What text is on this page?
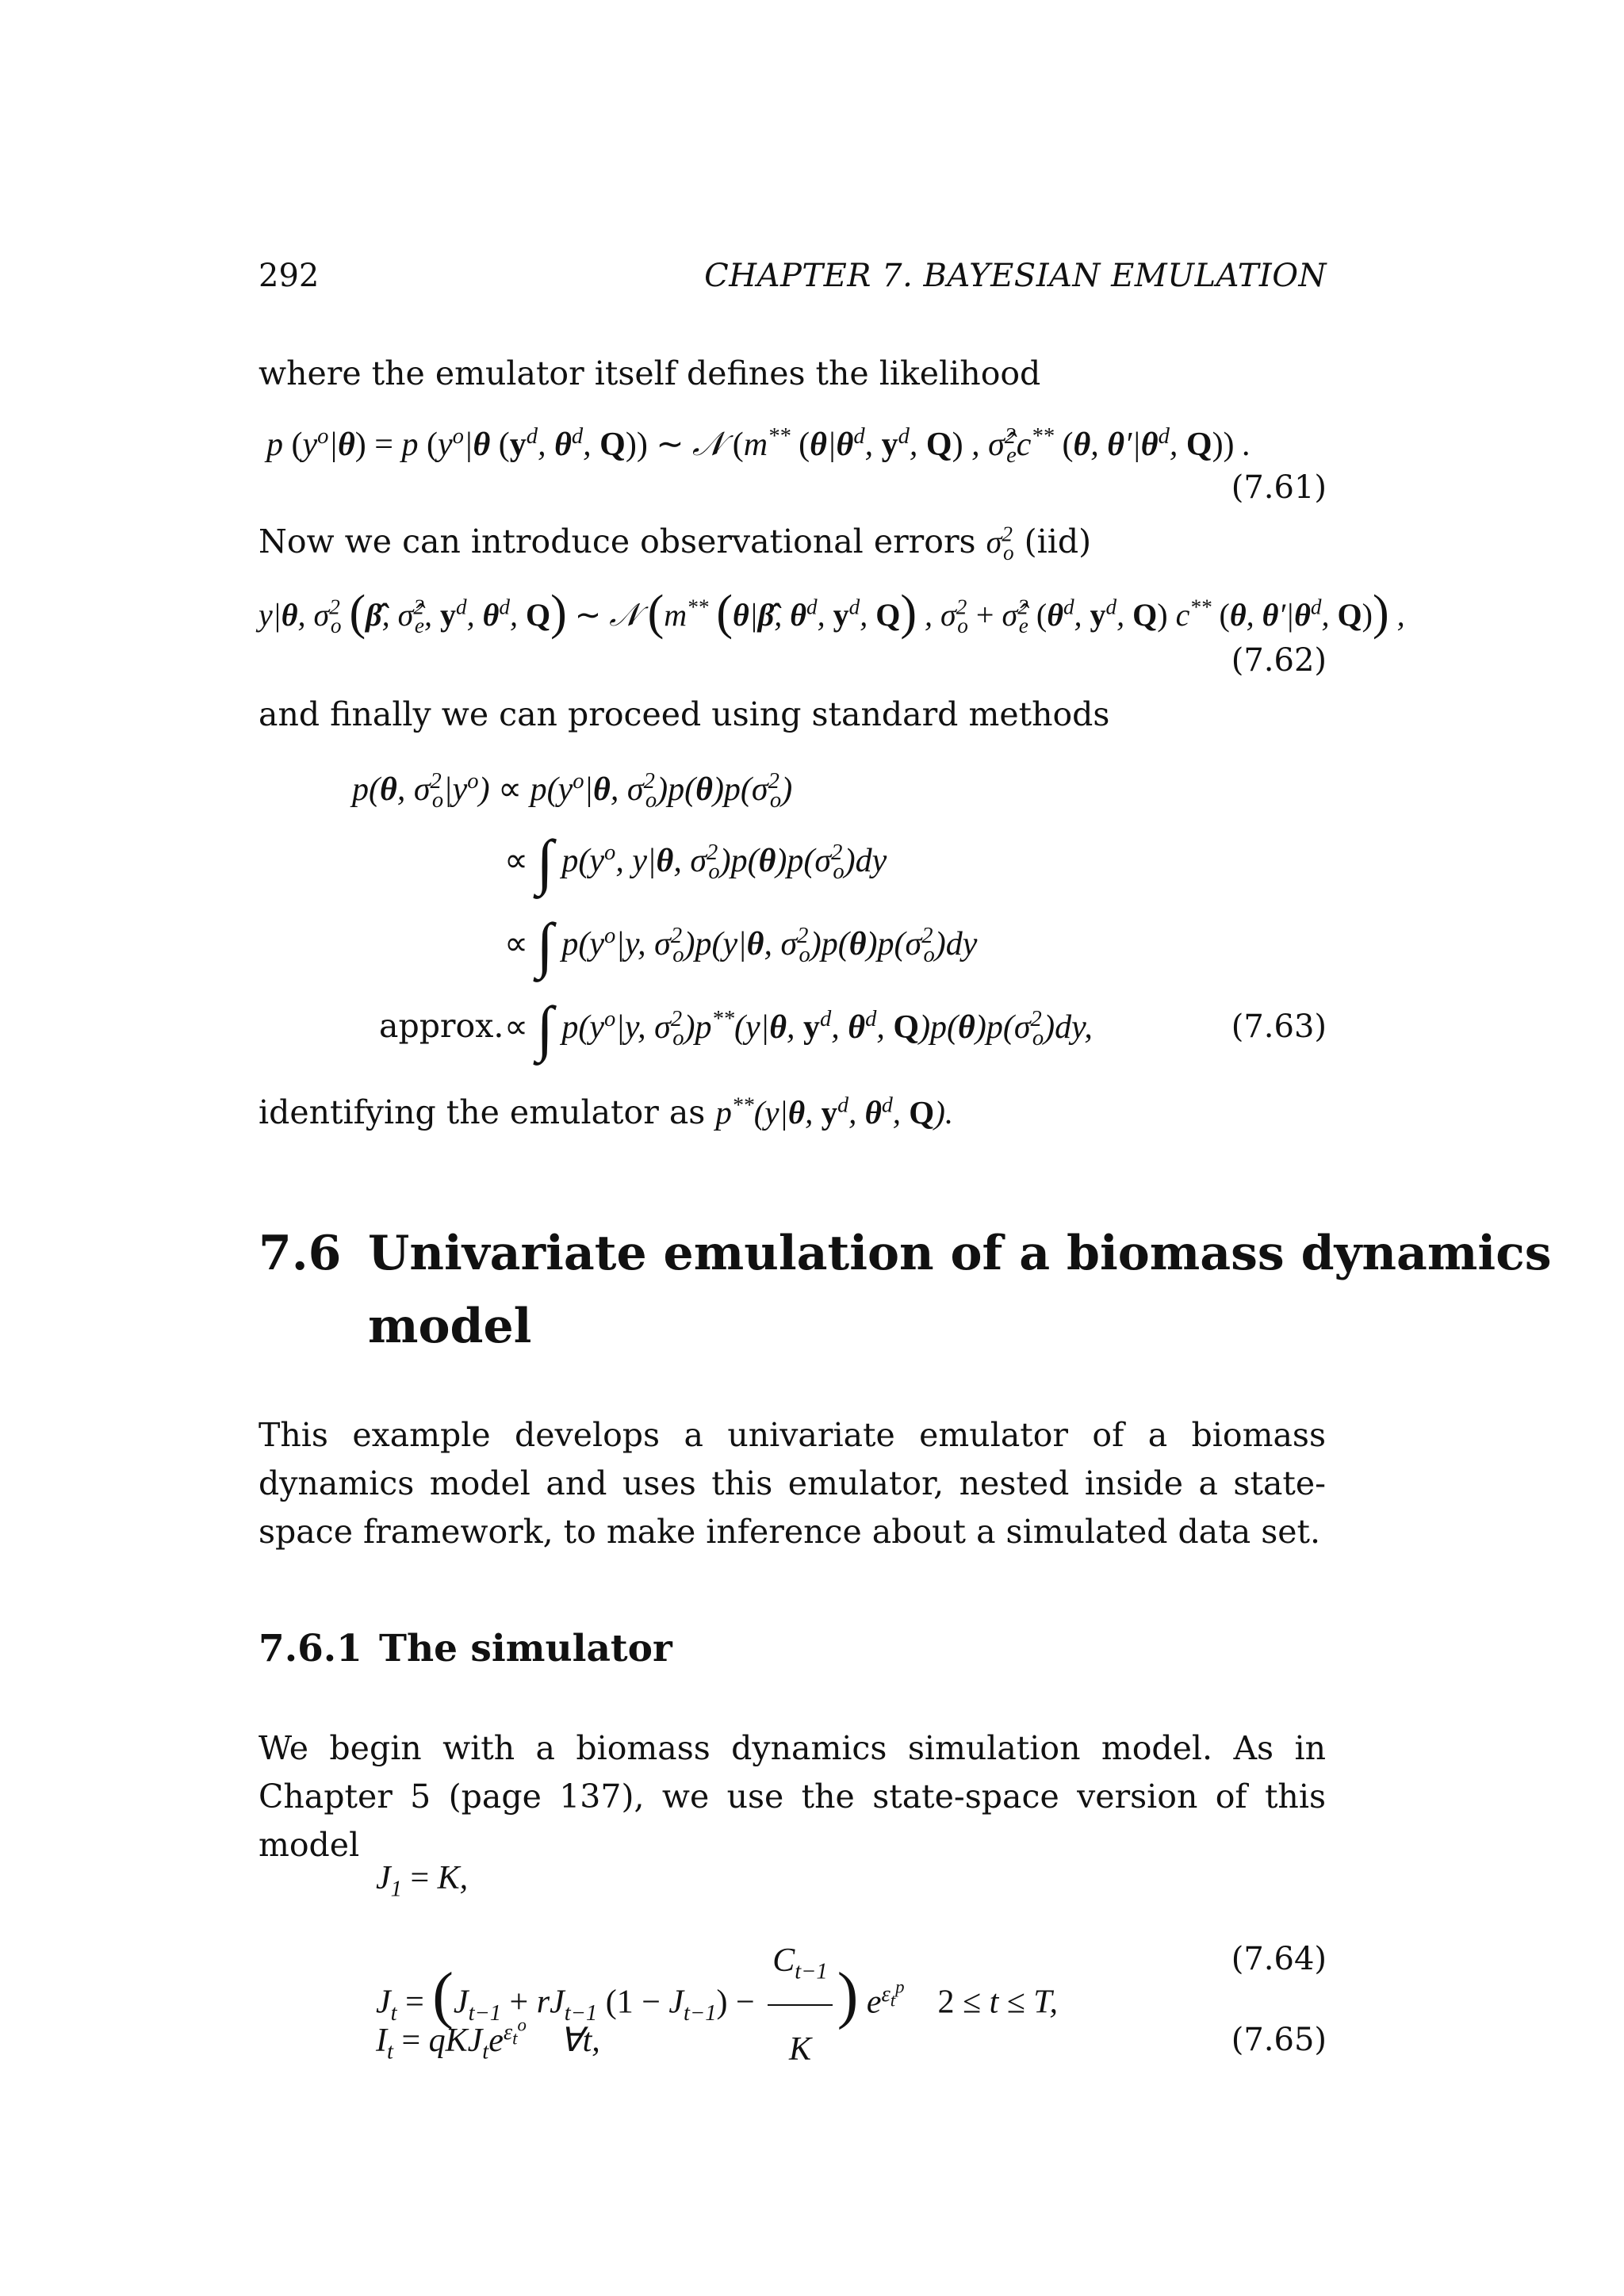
292	CHAPTER 7. BAYESIAN EMULATION
where the emulator itself defines the likelihood
p $(y^o|\theta) = p$ ($y^o|\theta$ ($y^d$, $\theta^d$, Q)) ∼ 𝒩 (m** ($\theta|\theta^d$, $y^d$, Q) , σ̂$^2_e$c** (θ, $\theta'|\theta^d$, Q)) .
(7.61)
Now we can introduce observational errors $\sigma^2_o$ (iid)
y|θ, $\sigma^2_o$ (β̂, σ̂$^2_e$, $y^d$, $\theta^d$, Q) ∼ 𝒩 (m** (θ|β̂, $\theta^d$, $y^d$, Q) , $\sigma^2_o$ + σ̂$^2_e$ ($\theta^d$, $y^d$, Q) c** (θ, $\theta'|\theta^d$, Q)) ,
(7.62)
and finally we can proceed using standard methods
p(θ, $\sigma^2_o|y^o) \propto p(y^o|\theta$, $\sigma^2_o)p(\theta)p(\sigma^2_o)$
∝ ∫ $p(y^o$, y|θ, $\sigma^2_o)p(\theta)p(\sigma^2_o)dy$
∝ ∫ $p(y^o|y$, $\sigma^2_o)p(y|\theta$, $\sigma^2_o)p(\theta)p(\sigma^2_o)dy$
approx. ∝ ∫ $p(y^o|y$, $\sigma^2_o)p^{**}(y|\theta$, $y^d$, $\theta^d$, $Q)p(\theta)p(\sigma^2_o)dy$,	(7.63)
identifying the emulator as p**(y|θ, $y^d$, $\theta^d$, Q).
7.6 Univariate emulation of a biomass dynamics
model
This example develops a univariate emulator of a biomass dynamics model and uses this emulator, nested inside a state-space framework, to make inference about a simulated data set.
7.6.1 The simulator
We begin with a biomass dynamics simulation model. As in Chapter 5 (page 137), we use the state-space version of this model
$J_1 = K$,
$J_t = (J_{t-1} + rJ_{t-1}$ $(1 - J_{t-1}) - \frac{C_{t-1}}{K}$ ) $e^{\varepsilon_t^p}$ 2 ≤ t ≤ T,
(7.64)
$I_t = qKJ_te^{\varepsilon_t^o}$    ∀t,	(7.65)
